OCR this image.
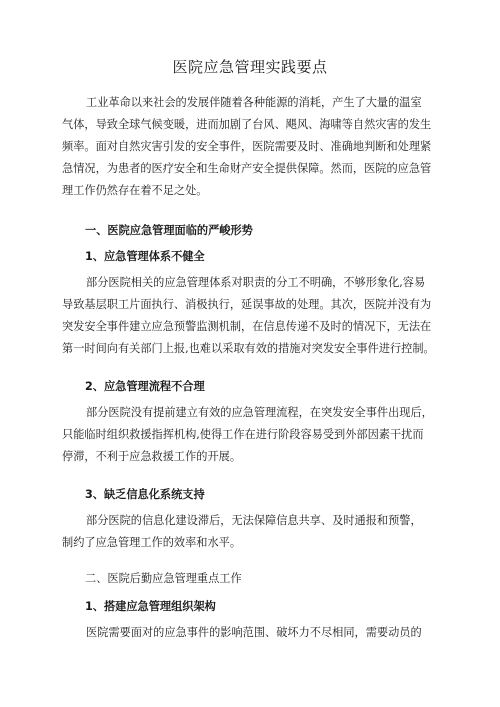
医院应急管理实践要点
工业革命以来社会的发展伴随着各种能源的消耗，产生了大量的温室
气体，导致全球气候变暖，进而加剧了台风、飓风、海啸等自然灾害的发生
频率。面对自然灾害引发的安全事件，医院需要及时、准确地判断和处理紧
急情况，为患者的医疗安全和生命财产安全提供保障。然而，医院的应急管
理工作仍然存在着不足之处。
一、医院应急管理面临的严峻形势
1、应急管理体系不健全
部分医院相关的应急管理体系对职责的分工不明确，不够形象化,容易
导致基层职工片面执行、消极执行，延误事故的处理。其次，医院并没有为
突发安全事件建立应急预警监测机制，在信息传递不及时的情况下，无法在
第一时间向有关部门上报,也难以采取有效的措施对突发安全事件进行控制。
2、应急管理流程不合理
部分医院没有提前建立有效的应急管理流程，在突发安全事件出现后，
只能临时组织救援指挥机构,使得工作在进行阶段容易受到外部因素干扰而
停滞，不利于应急救援工作的开展。
3、缺乏信息化系统支持
部分医院的信息化建设滞后，无法保障信息共享、及时通报和预警，
制约了应急管理工作的效率和水平。
二、医院后勤应急管理重点工作
1、搭建应急管理组织架构
医院需要面对的应急事件的影响范围、破坏力不尽相同，需要动员的
